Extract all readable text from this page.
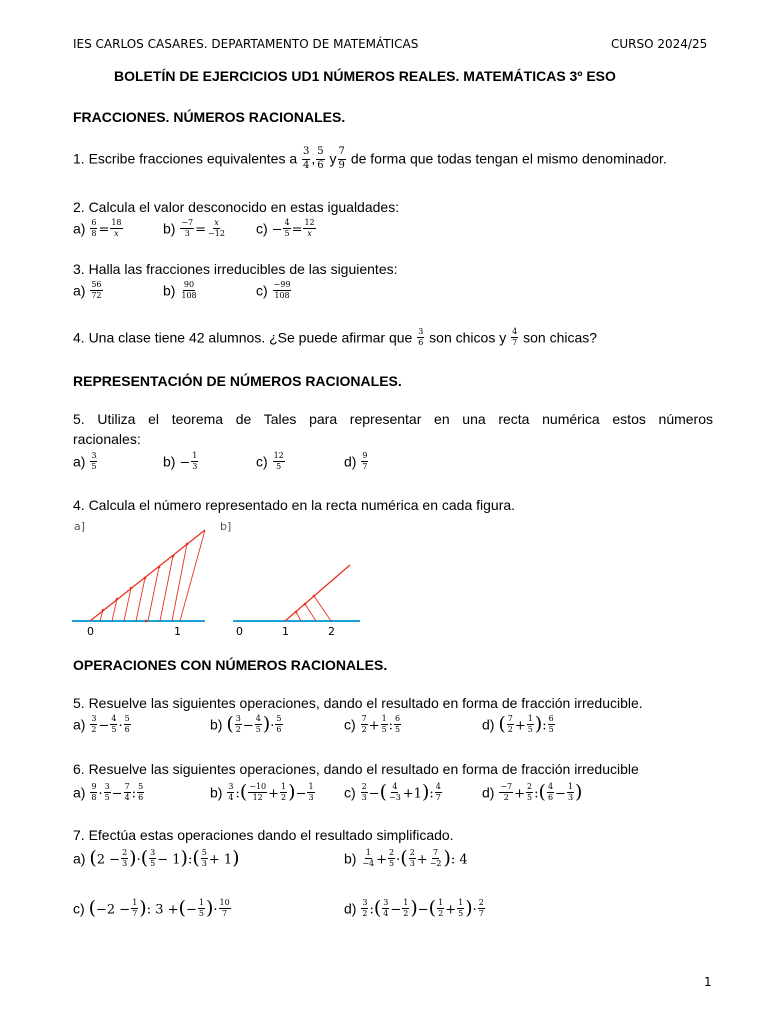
IES CARLOS CASARES. DEPARTAMENTO DE MATEMÁTICAS	CURSO 2024/25
BOLETÍN DE EJERCICIOS UD1 NÚMEROS REALES. MATEMÁTICAS 3º ESO
FRACCIONES. NÚMEROS RACIONALES.
1. Escribe fracciones equivalentes a $\frac{3}{4}$ , $\frac{5}{6}$ y $\frac{7}{9}$ de forma que todas tengan el mismo denominador.
2. Calcula el valor desconocido en estas igualdades:
$a) \frac{6}{8} = \frac{18}{\text{𝑥}}$	$b) \frac{-7}{3} = \frac{\text{𝑥}}{-12} c) - \frac{4}{5} = \frac{12}{\text{𝑥}}$
3. Halla las fracciones irreducibles de las siguientes:
$a) \frac{56}{72}$	$b) \frac{90}{108}$	$c) \frac{-99}{108}$
4. Una clase tiene 42 alumnos. ¿Se puede afirmar que $\frac{3}{6}$ son chicos y $\frac{4}{7}$ son chicas?
REPRESENTACIÓN DE NÚMEROS RACIONALES.
5. Utiliza el teorema de Tales para representar en una recta numérica estos números
racionales:
$a) \frac{3}{5}$	$b) - \frac{1}{3}$	$c) \frac{12}{5}$	$d) \frac{9}{7}$
4. Calcula el número representado en la recta numérica en cada figura.
a]	b]
0	1	0	1	2
OPERACIONES CON NÚMEROS RACIONALES.
5. Resuelve las siguientes operaciones, dando el resultado en forma de fracción irreducible.
$a) \frac{3}{2} - \frac{4}{5} \cdot \frac{5}{6}$	b) ( $\frac{3}{2} - \frac{4}{5}$ )· $\frac{5}{6}$	$c) \frac{7}{2} + \frac{1}{5}$ : $\frac{6}{5}$	d) ( $\frac{7}{2} + \frac{1}{5}$ ): $\frac{6}{5}$
6. Resuelve las siguientes operaciones, dando el resultado en forma de fracción irreducible
$a) \frac{9}{8} \cdot \frac{3}{5} - \frac{7}{4}$ : $\frac{5}{6}$	$b) \frac{3}{4}$ :( $\frac{-10}{12} + \frac{1}{2}$ )− $\frac{1}{3} c) \frac{2}{3}$ −( $\frac{4}{-3} +1$): $\frac{4}{7}$	$d) \frac{-7}{2} + \frac{2}{5}$ :( $\frac{4}{6} - \frac{1}{3}$ )
7. Efectúa estas operaciones dando el resultado simplificado.
a) ($2 - \frac{2}{3}$ )·( $\frac{3}{5}$ − 1):( $\frac{5}{3} + 1$)	$b) \frac{1}{-4} + \frac{2}{5}$ ·( $\frac{2}{3} + \frac{7}{-2}$ ): 4
c) ($-2 - \frac{1}{7}$ ): 3 +(− $\frac{1}{5}$ )· $\frac{10}{7}$	$d) \frac{3}{2}$ :( $\frac{3}{4} - \frac{1}{2}$ )−( $\frac{1}{2} + \frac{1}{5}$ )· $\frac{2}{7}$
1
